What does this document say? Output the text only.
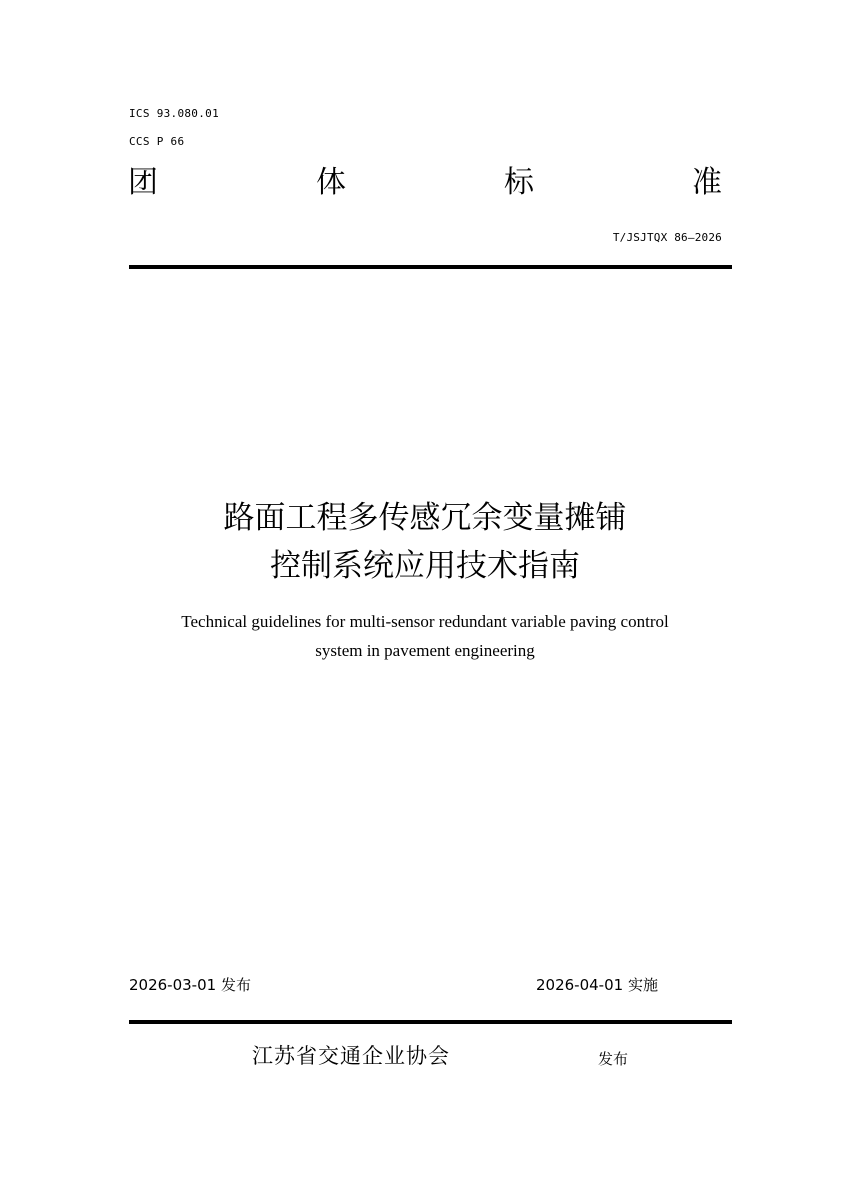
ICS 93.080.01
CCS P 66
团	体	标	准
T/JSJTQX 86—2026
路面工程多传感冗余变量摊铺
控制系统应用技术指南
Technical guidelines for multi-sensor redundant variable paving control
system in pavement engineering
2026-03-01 发布	2026-04-01 实施
江苏省交通企业协会	发布
